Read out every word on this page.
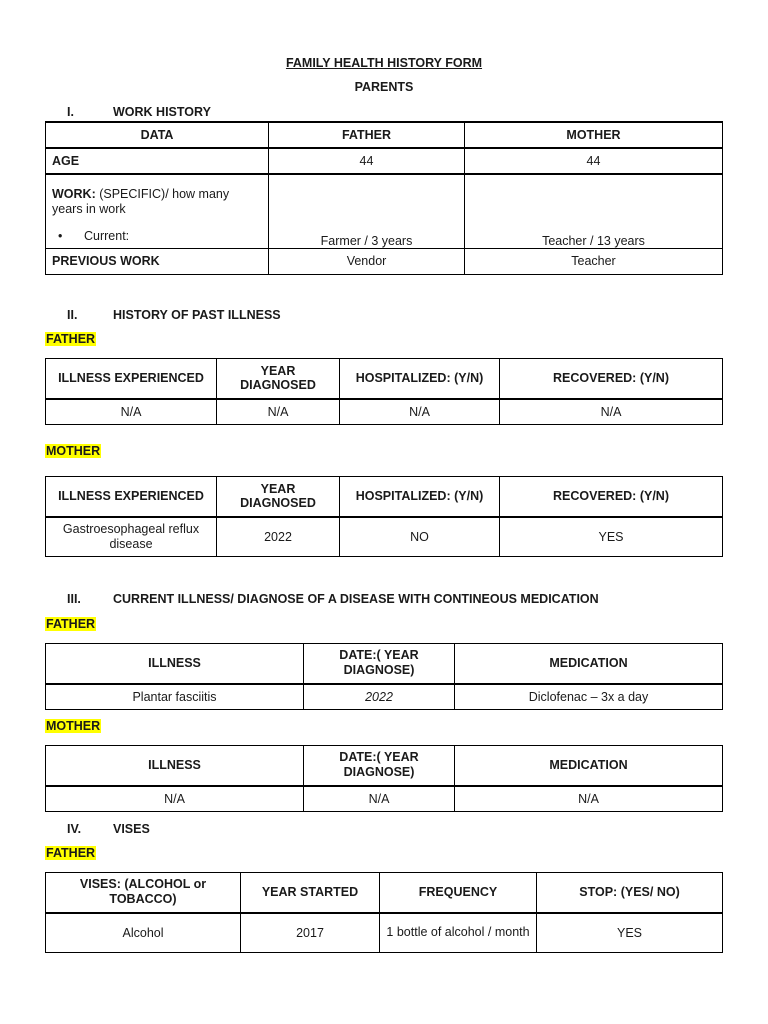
FAMILY HEALTH HISTORY FORM
PARENTS
I.	WORK HISTORY
DATA	FATHER	MOTHER
AGE	44	44
WORK: (SPECIFIC)/ how many years in work
• Current:	Farmer / 3 years	Teacher / 13 years
PREVIOUS WORK	Vendor	Teacher
II.	HISTORY OF PAST ILLNESS
FATHER
ILLNESS EXPERIENCED	YEAR DIAGNOSED	HOSPITALIZED: (Y/N)	RECOVERED: (Y/N)
N/A	N/A	N/A	N/A
MOTHER
ILLNESS EXPERIENCED	YEAR DIAGNOSED	HOSPITALIZED: (Y/N)	RECOVERED: (Y/N)
Gastroesophageal reflux disease	2022	NO	YES
III.	CURRENT ILLNESS/ DIAGNOSE OF A DISEASE WITH CONTINEOUS MEDICATION
FATHER
ILLNESS	DATE:( YEAR DIAGNOSE)	MEDICATION
Plantar fasciitis	2022	Diclofenac – 3x a day
MOTHER
ILLNESS	DATE:( YEAR DIAGNOSE)	MEDICATION
N/A	N/A	N/A
IV.	VISES
FATHER
VISES: (ALCOHOL or TOBACCO)	YEAR STARTED	FREQUENCY	STOP: (YES/ NO)
Alcohol	2017	1 bottle of alcohol / month	YES
